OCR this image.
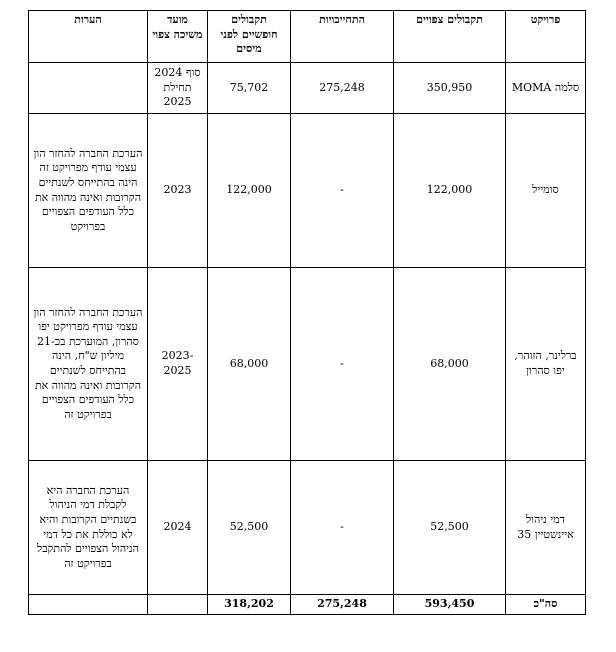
פרויקט	תקבולים צפויים	התחייבויות	תקבולים חופשיים לפני מיסים	מועד משיכה צפוי	הערות
סלמה MOMA	350,950	275,248	75,702	סוף 2024 תחילת 2025	
סומייל	122,000	-	122,000	2023	הערכת החברה להחזר הון עצמי עודף מפרויקט זה הינה בהתייחס לשנתיים הקרובות ואינה מהווה את כלל העודפים הצפויים בפרויקט
ברלינר, הזוהר, יפו סהרון	68,000	-	68,000	2023-2025	הערכת החברה להחזר הון עצמי עודף מפרויקט יפו סהרון, המוערכת בכ-21 מיליון ש"ח, הינה בהתייחס לשנתיים הקרובות ואינה מהווה את כלל העודפים הצפויים בפרויקט זה
דמי ניהול איינשטיין 35	52,500	-	52,500	2024	הערכת החברה היא לקבלת דמי הניהול בשנתיים הקרובות והיא לא כוללת את כל דמי הניהול הצפויים להתקבל בפרויקט זה
סה"כ	593,450	275,248	318,202		
